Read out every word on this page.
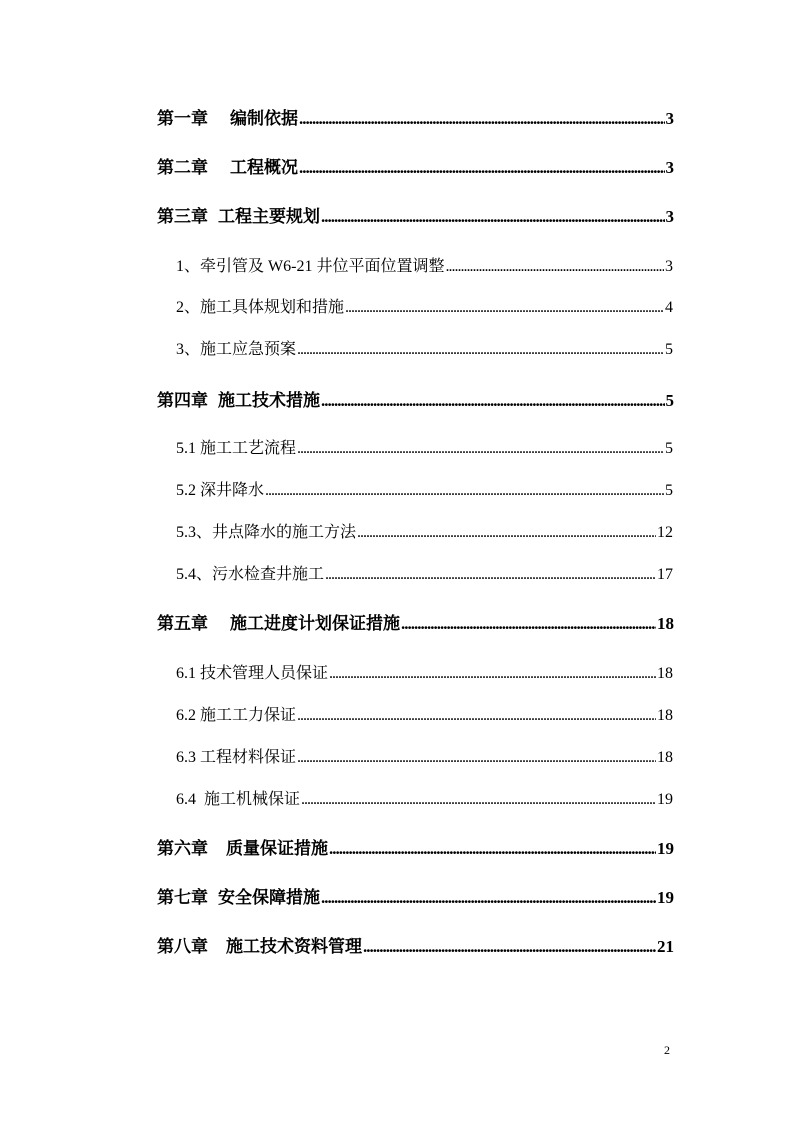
第一章 编制依据 .....	3
第二章 工程概况 .....	3
第三章 工程主要规划 .....	3
1、 牵引管及 W6-21 井位平面位置调整 .....	3
2、 施工具体规划和措施 .....	4
3、 施工应急预案 .....	5
第四章 施工技术措施 .....	5
5.1 施工工艺流程 .....	5
5.2 深井降水 .....	5
5.3、 井点降水的施工方法 .....	12
5.4、 污水检查井施工 .....	17
第五章 施工进度计划保证措施 .....	18
6.1 技术管理人员保证 .....	18
6.2 施工工力保证 .....	18
6.3 工程材料保证 .....	18
6.4 施工机械保证 .....	19
第六章 质量保证措施 .....	19
第七章 安全保障措施 .....	19
第八章 施工技术资料管理 .....	21
2
